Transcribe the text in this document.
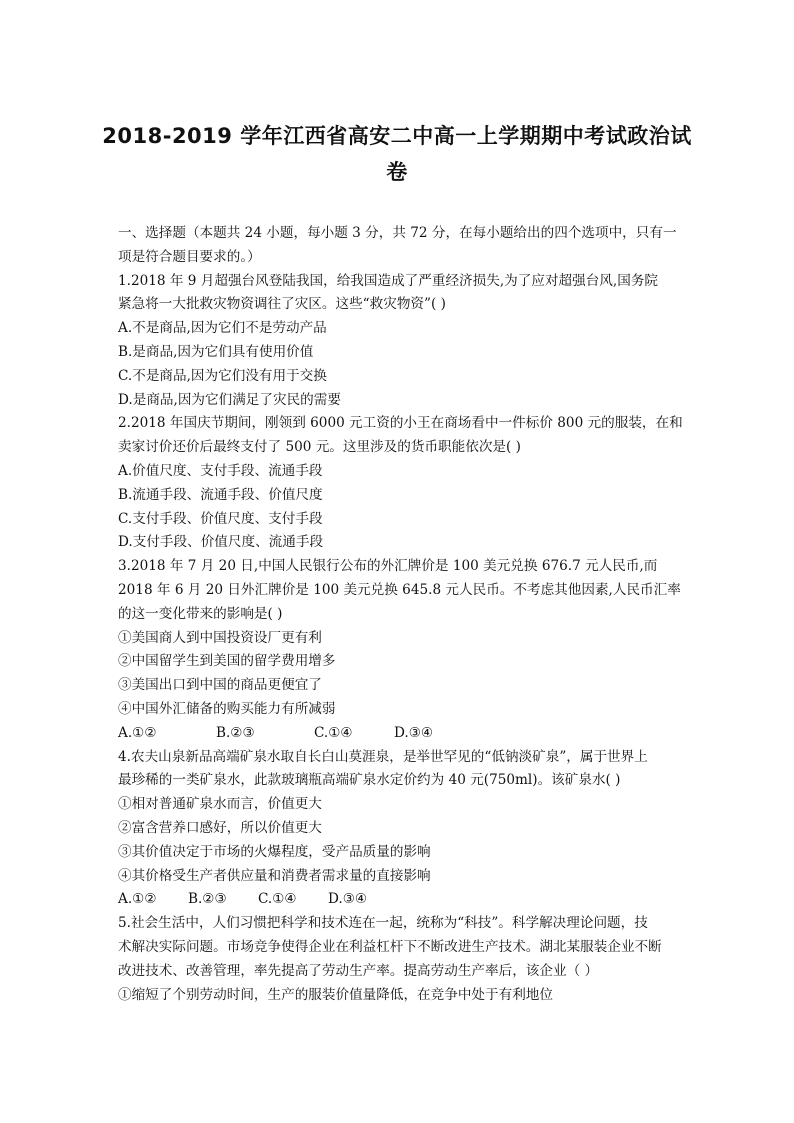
2018-2019 学年江西省高安二中高一上学期期中考试政治试
卷
一、选择题（本题共 24 小题，每小题 3 分，共 72 分，在每小题给出的四个选项中，只有一
项是符合题目要求的。）
1.2018 年 9 月超强台风登陆我国，给我国造成了严重经济损失,为了应对超强台风,国务院
紧急将一大批救灾物资调往了灾区。这些“救灾物资”( )
A.不是商品,因为它们不是劳动产品
B.是商品,因为它们具有使用价值
C.不是商品,因为它们没有用于交换
D.是商品,因为它们满足了灾民的需要
2.2018 年国庆节期间，刚领到 6000 元工资的小王在商场看中一件标价 800 元的服装，在和
卖家讨价还价后最终支付了 500 元。这里涉及的货币职能依次是( )
A.价值尺度、支付手段、流通手段
B.流通手段、流通手段、价值尺度
C.支付手段、价值尺度、支付手段
D.支付手段、价值尺度、流通手段
3.2018 年 7 月 20 日,中国人民银行公布的外汇牌价是 100 美元兑换 676.7 元人民币,而
2018 年 6 月 20 日外汇牌价是 100 美元兑换 645.8 元人民币。不考虑其他因素,人民币汇率
的这一变化带来的影响是( )
①美国商人到中国投资设厂更有利
②中国留学生到美国的留学费用增多
③美国出口到中国的商品更便宜了
④中国外汇储备的购买能力有所减弱
A.①②	B.②③	C.①④	D.③④
4.农夫山泉新品高端矿泉水取自长白山莫涯泉，是举世罕见的“低钠淡矿泉”，属于世界上
最珍稀的一类矿泉水，此款玻璃瓶高端矿泉水定价约为 40 元(750ml)。该矿泉水( )
①相对普通矿泉水而言，价值更大
②富含营养口感好，所以价值更大
③其价值决定于市场的火爆程度，受产品质量的影响
④其价格受生产者供应量和消费者需求量的直接影响
A.①② B.②③ C.①④ D.③④
5.社会生活中，人们习惯把科学和技术连在一起，统称为“科技”。科学解决理论问题，技
术解决实际问题。市场竞争使得企业在利益杠杆下不断改进生产技术。湖北某服装企业不断
改进技术、改善管理，率先提高了劳动生产率。提高劳动生产率后，该企业（ ）
①缩短了个别劳动时间，生产的服装价值量降低，在竞争中处于有利地位
